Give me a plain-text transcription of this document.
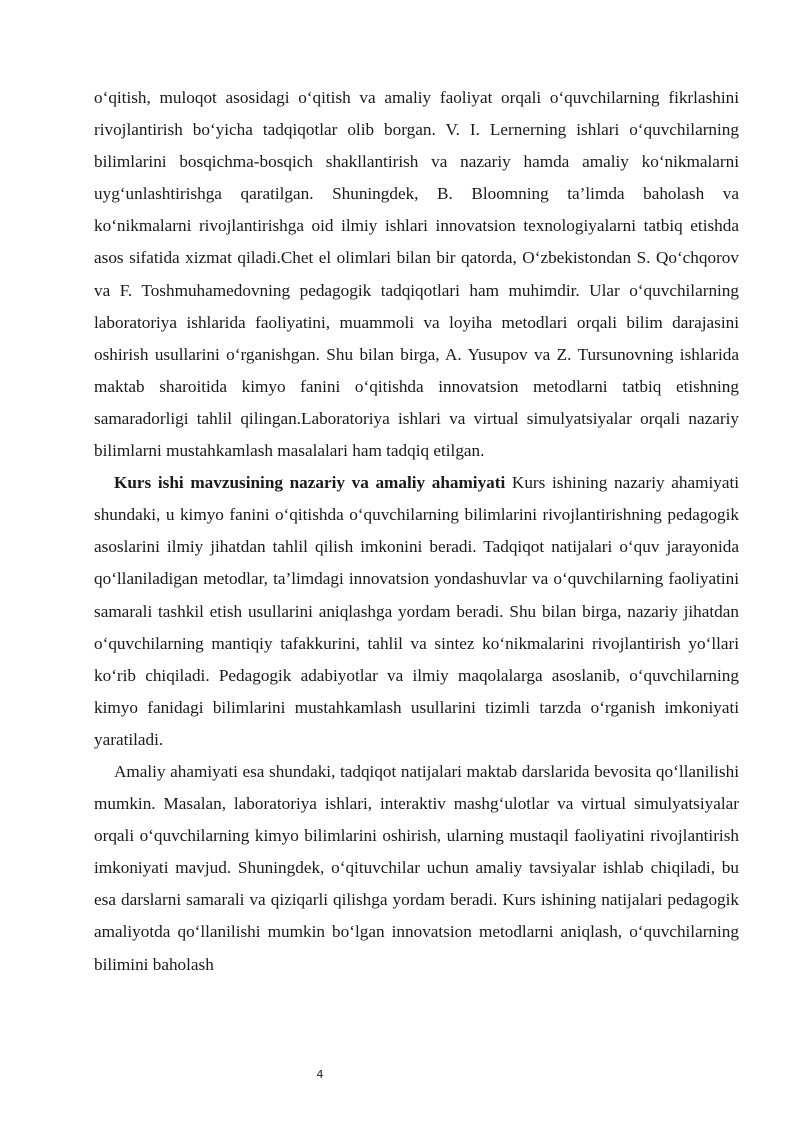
o‘qitish, muloqot asosidagi o‘qitish va amaliy faoliyat orqali o‘quvchilarning fikrlashini rivojlantirish bo‘yicha tadqiqotlar olib borgan. V. I. Lernerning ishlari o‘quvchilarning bilimlarini bosqichma-bosqich shakllantirish va nazariy hamda amaliy ko‘nikmalarni uyg‘unlashtirishga qaratilgan. Shuningdek, B. Bloomning ta’limda baholash va ko‘nikmalarni rivojlantirishga oid ilmiy ishlari innovatsion texnologiyalarni tatbiq etishda asos sifatida xizmat qiladi.Chet el olimlari bilan bir qatorda, O‘zbekistondan S. Qo‘chqorov va F. Toshmuhamedovning pedagogik tadqiqotlari ham muhimdir. Ular o‘quvchilarning laboratoriya ishlarida faoliyatini, muammoli va loyiha metodlari orqali bilim darajasini oshirish usullarini o‘rganishgan. Shu bilan birga, A. Yusupov va Z. Tursunovning ishlarida maktab sharoitida kimyo fanini o‘qitishda innovatsion metodlarni tatbiq etishning samaradorligi tahlil qilingan.Laboratoriya ishlari va virtual simulyatsiyalar orqali nazariy bilimlarni mustahkamlash masalalari ham tadqiq etilgan.

Kurs ishi mavzusining nazariy va amaliy ahamiyati Kurs ishining nazariy ahamiyati shundaki, u kimyo fanini o‘qitishda o‘quvchilarning bilimlarini rivojlantirishning pedagogik asoslarini ilmiy jihatdan tahlil qilish imkonini beradi. Tadqiqot natijalari o‘quv jarayonida qo‘llaniladigan metodlar, ta’limdagi innovatsion yondashuvlar va o‘quvchilarning faoliyatini samarali tashkil etish usullarini aniqlashga yordam beradi. Shu bilan birga, nazariy jihatdan o‘quvchilarning mantiqiy tafakkurini, tahlil va sintez ko‘nikmalarini rivojlantirish yo‘llari ko‘rib chiqiladi. Pedagogik adabiyotlar va ilmiy maqolalarga asoslanib, o‘quvchilarning kimyo fanidagi bilimlarini mustahkamlash usullarini tizimli tarzda o‘rganish imkoniyati yaratiladi.

Amaliy ahamiyati esa shundaki, tadqiqot natijalari maktab darslarida bevosita qo‘llanilishi mumkin. Masalan, laboratoriya ishlari, interaktiv mashg‘ulotlar va virtual simulyatsiyalar orqali o‘quvchilarning kimyo bilimlarini oshirish, ularning mustaqil faoliyatini rivojlantirish imkoniyati mavjud. Shuningdek, o‘qituvchilar uchun amaliy tavsiyalar ishlab chiqiladi, bu esa darslarni samarali va qiziqarli qilishga yordam beradi. Kurs ishining natijalari pedagogik amaliyotda qo‘llanilishi mumkin bo‘lgan innovatsion metodlarni aniqlash, o‘quvchilarning bilimini baholash

4
